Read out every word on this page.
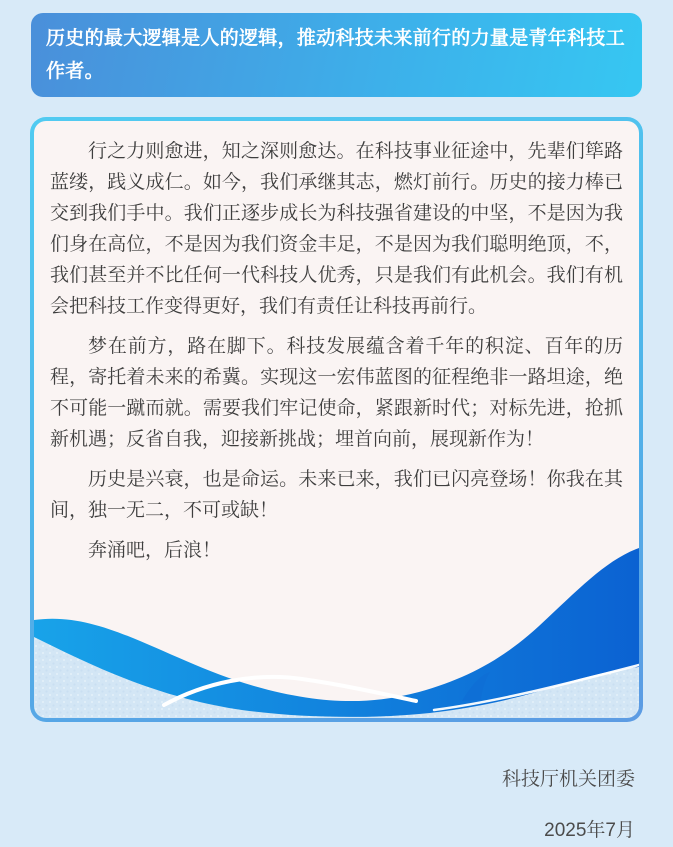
历史的最大逻辑是人的逻辑，推动科技未来前行的力量是青年科技工作者。

行之力则愈进，知之深则愈达。在科技事业征途中，先辈们筚路蓝缕，践义成仁。如今，我们承继其志，燃灯前行。历史的接力棒已交到我们手中。我们正逐步成长为科技强省建设的中坚，不是因为我们身在高位，不是因为我们资金丰足，不是因为我们聪明绝顶，不，我们甚至并不比任何一代科技人优秀，只是我们有此机会。我们有机会把科技工作变得更好，我们有责任让科技再前行。

梦在前方，路在脚下。科技发展蕴含着千年的积淀、百年的历程，寄托着未来的希冀。实现这一宏伟蓝图的征程绝非一路坦途，绝不可能一蹴而就。需要我们牢记使命，紧跟新时代；对标先进，抢抓新机遇；反省自我，迎接新挑战；埋首向前，展现新作为！

历史是兴衰，也是命运。未来已来，我们已闪亮登场！你我在其间，独一无二，不可或缺！

奔涌吧，后浪！

科技厅机关团委
2025年7月
